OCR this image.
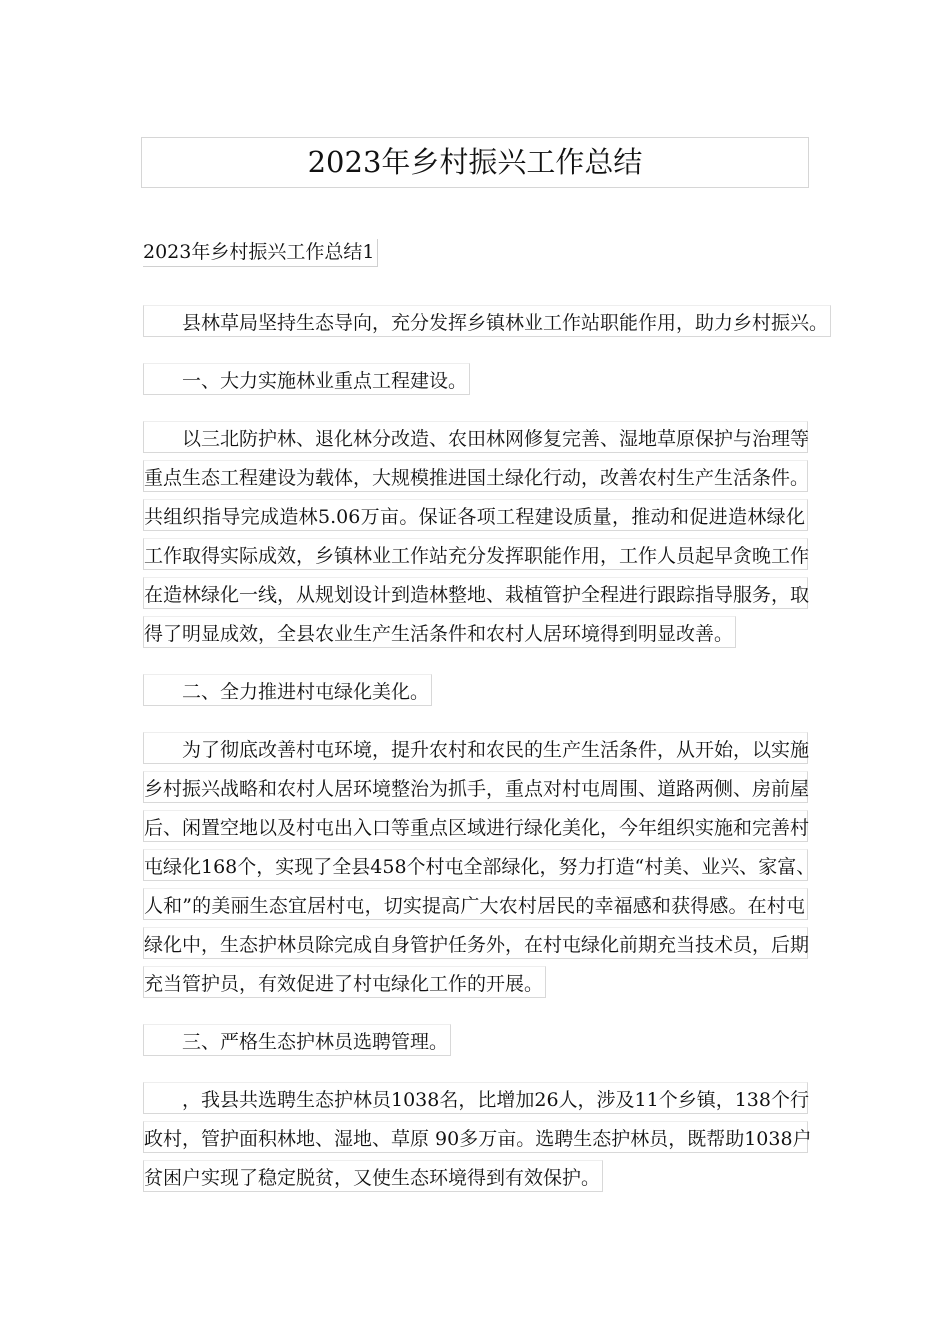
2023年乡村振兴工作总结
2023年乡村振兴工作总结1
县林草局坚持生态导向，充分发挥乡镇林业工作站职能作用，助力乡村振兴。
一、大力实施林业重点工程建设。
以三北防护林、退化林分改造、农田林网修复完善、湿地草原保护与治理等
重点生态工程建设为载体，大规模推进国土绿化行动，改善农村生产生活条件。
共组织指导完成造林5.06万亩。保证各项工程建设质量，推动和促进造林绿化
工作取得实际成效，乡镇林业工作站充分发挥职能作用，工作人员起早贪晚工作
在造林绿化一线，从规划设计到造林整地、栽植管护全程进行跟踪指导服务，取
得了明显成效，全县农业生产生活条件和农村人居环境得到明显改善。
二、全力推进村屯绿化美化。
为了彻底改善村屯环境，提升农村和农民的生产生活条件，从开始，以实施
乡村振兴战略和农村人居环境整治为抓手，重点对村屯周围、道路两侧、房前屋
后、闲置空地以及村屯出入口等重点区域进行绿化美化，今年组织实施和完善村
屯绿化168个，实现了全县458个村屯全部绿化，努力打造“村美、业兴、家富、
人和”的美丽生态宜居村屯，切实提高广大农村居民的幸福感和获得感。在村屯
绿化中，生态护林员除完成自身管护任务外，在村屯绿化前期充当技术员，后期
充当管护员，有效促进了村屯绿化工作的开展。
三、严格生态护林员选聘管理。
，我县共选聘生态护林员1038名，比增加26人，涉及11个乡镇，138个行
政村，管护面积林地、湿地、草原 90多万亩。选聘生态护林员，既帮助1038户
贫困户实现了稳定脱贫，又使生态环境得到有效保护。
